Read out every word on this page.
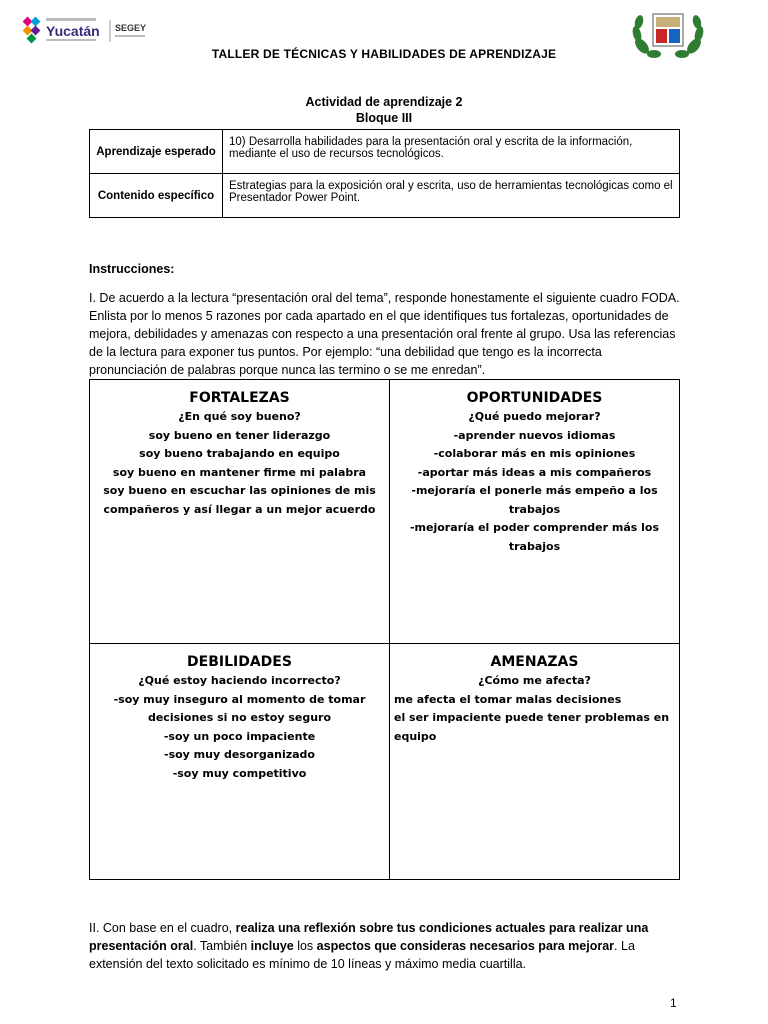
Yucatán SEGEY
TALLER DE TÉCNICAS Y HABILIDADES DE APRENDIZAJE
Actividad de aprendizaje 2
Bloque III
Aprendizaje esperado	10) Desarrolla habilidades para la presentación oral y escrita de la información, mediante el uso de recursos tecnológicos.
Contenido específico	Estrategias para la exposición oral y escrita, uso de herramientas tecnológicas como el Presentador Power Point.
Instrucciones:
I. De acuerdo a la lectura “presentación oral del tema”, responde honestamente el siguiente cuadro FODA. Enlista por lo menos 5 razones por cada apartado en el que identifiques tus fortalezas, oportunidades de mejora, debilidades y amenazas con respecto a una presentación oral frente al grupo. Usa las referencias de la lectura para exponer tus puntos. Por ejemplo: “una debilidad que tengo es la incorrecta pronunciación de palabras porque nunca las termino o se me enredan”.
FORTALEZAS
¿En qué soy bueno?
soy bueno en tener liderazgo
soy bueno trabajando en equipo
soy bueno en mantener firme mi palabra
soy bueno en escuchar las opiniones de mis compañeros y así llegar a un mejor acuerdo
OPORTUNIDADES
¿Qué puedo mejorar?
-aprender nuevos idiomas
-colaborar más en mis opiniones
-aportar más ideas a mis compañeros
-mejoraría el ponerle más empeño a los trabajos
-mejoraría el poder comprender más los trabajos
DEBILIDADES
¿Qué estoy haciendo incorrecto?
-soy muy inseguro al momento de tomar decisiones si no estoy seguro
-soy un poco impaciente
-soy muy desorganizado
-soy muy competitivo
AMENAZAS
¿Cómo me afecta?
me afecta el tomar malas decisiones
el ser impaciente puede tener problemas en equipo
II. Con base en el cuadro, realiza una reflexión sobre tus condiciones actuales para realizar una presentación oral. También incluye los aspectos que consideras necesarios para mejorar. La extensión del texto solicitado es mínimo de 10 líneas y máximo media cuartilla.
1
